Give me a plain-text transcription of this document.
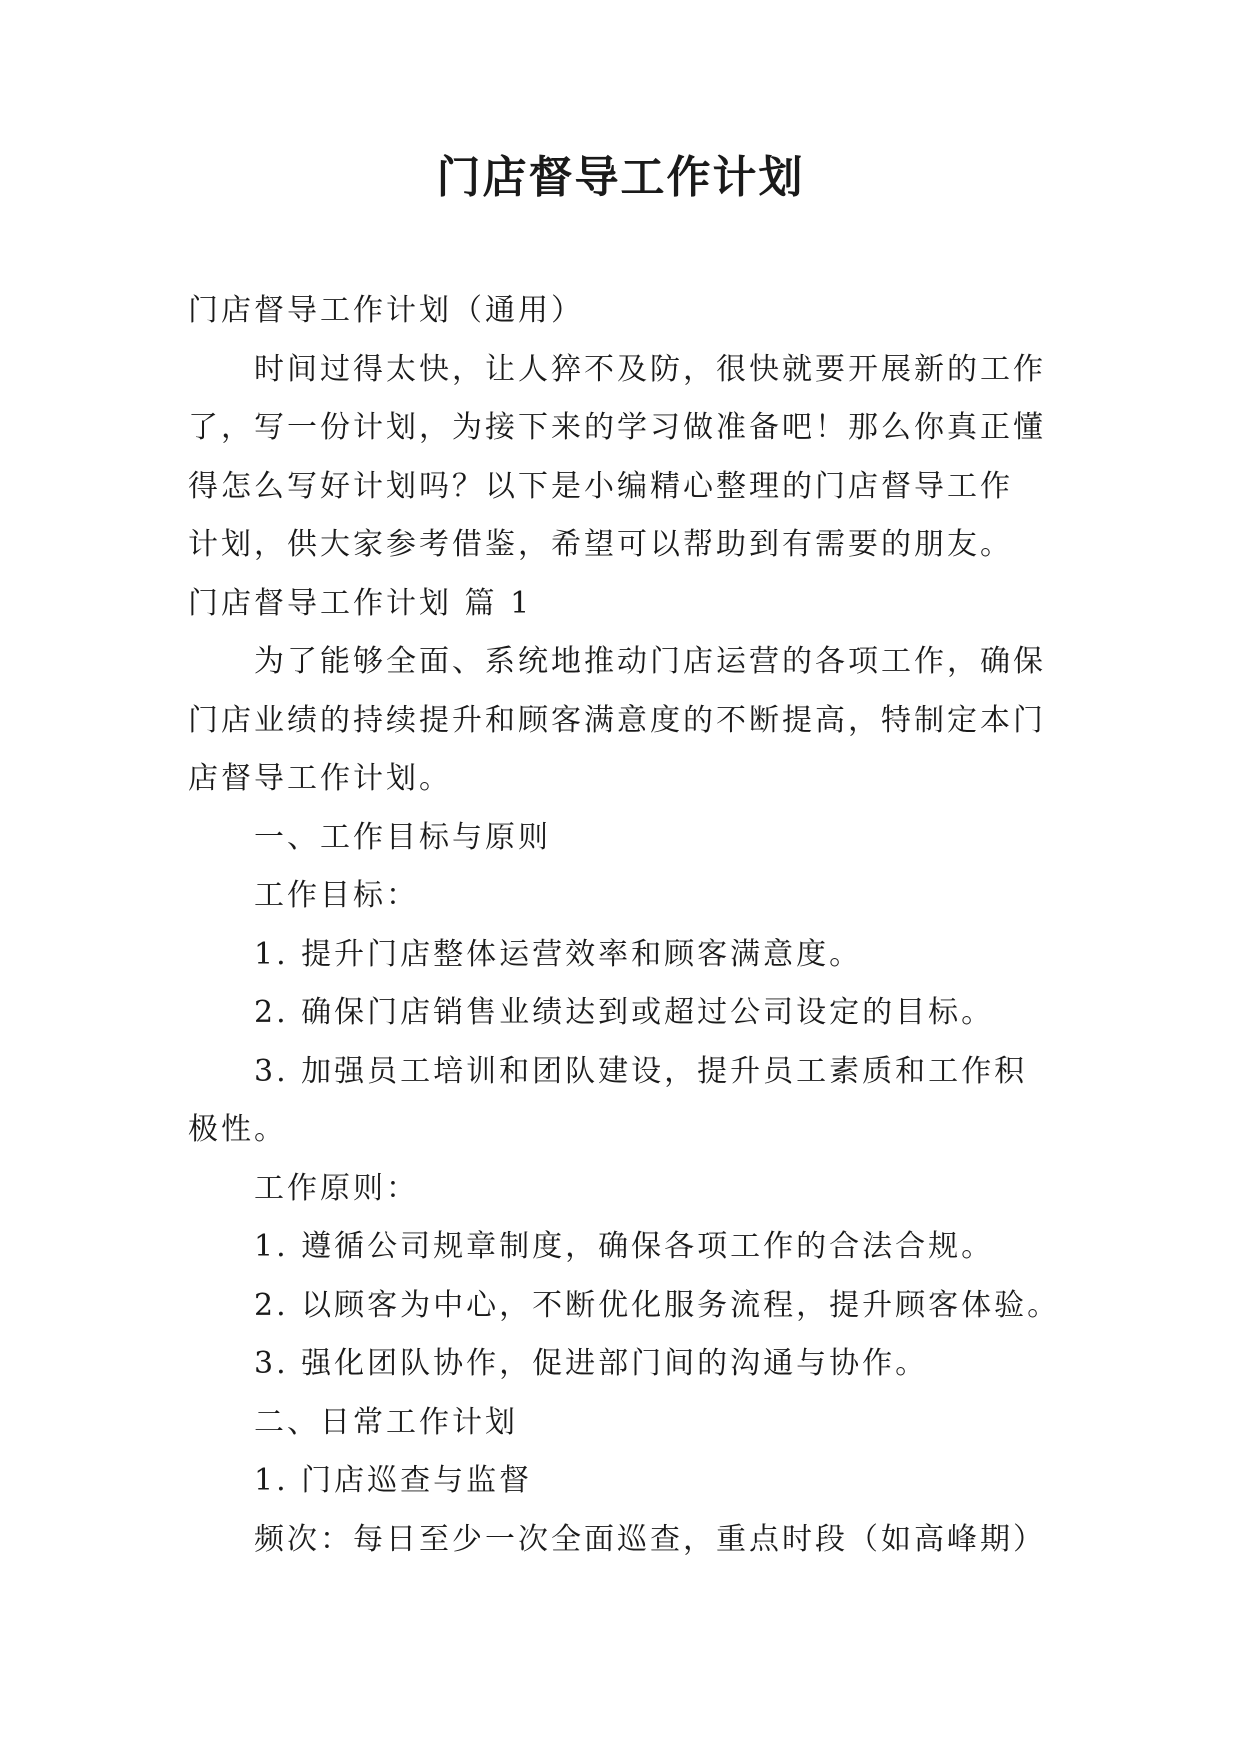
门店督导工作计划
门店督导工作计划（通用）
时间过得太快，让人猝不及防，很快就要开展新的工作
了，写一份计划，为接下来的学习做准备吧！那么你真正懂
得怎么写好计划吗？以下是小编精心整理的门店督导工作
计划，供大家参考借鉴，希望可以帮助到有需要的朋友。
门店督导工作计划 篇 1
为了能够全面、系统地推动门店运营的各项工作，确保
门店业绩的持续提升和顾客满意度的不断提高，特制定本门
店督导工作计划。
一、工作目标与原则
工作目标：
1. 提升门店整体运营效率和顾客满意度。
2. 确保门店销售业绩达到或超过公司设定的目标。
3. 加强员工培训和团队建设，提升员工素质和工作积
极性。
工作原则：
1. 遵循公司规章制度，确保各项工作的合法合规。
2. 以顾客为中心，不断优化服务流程，提升顾客体验。
3. 强化团队协作，促进部门间的沟通与协作。
二、日常工作计划
1. 门店巡查与监督
频次：每日至少一次全面巡查，重点时段（如高峰期）
